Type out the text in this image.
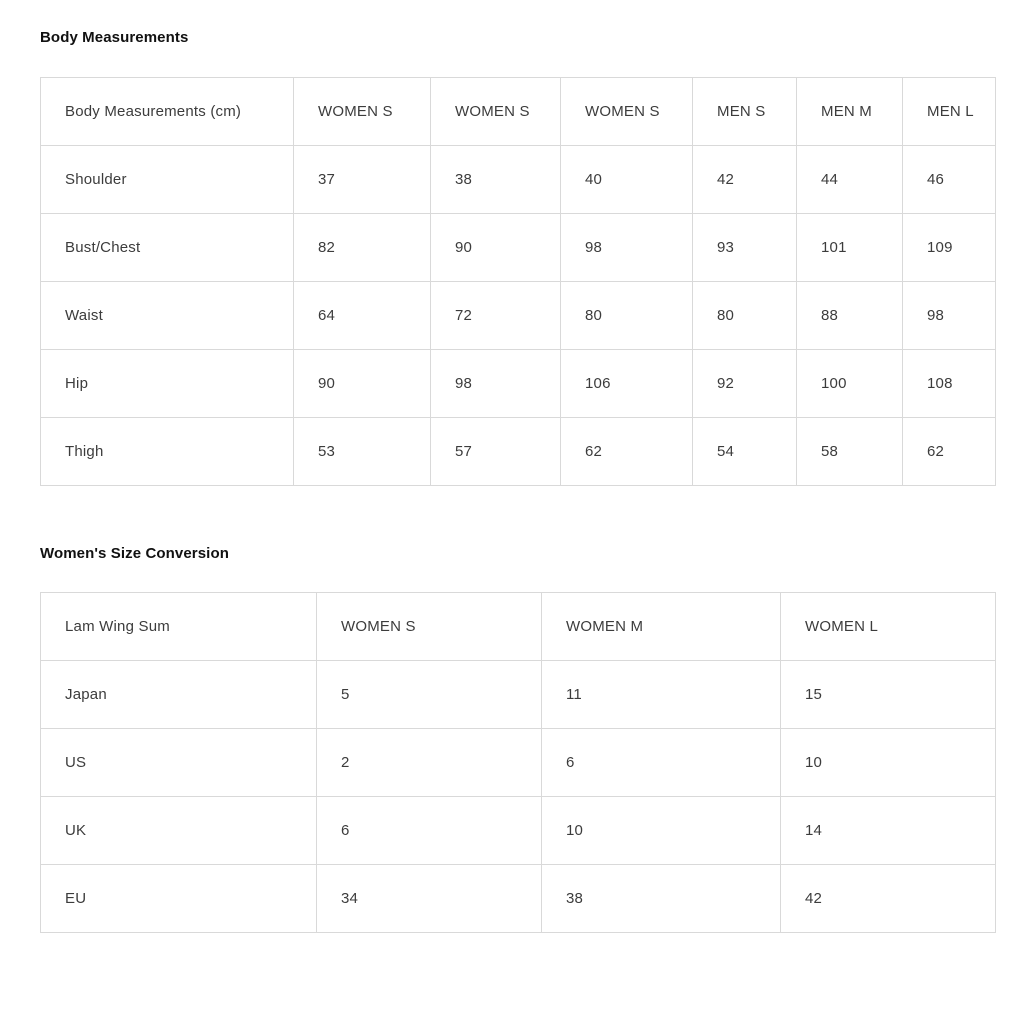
Body Measurements
Body Measurements (cm)	WOMEN S	WOMEN S	WOMEN S	MEN S	MEN M	MEN L
Shoulder	37	38	40	42	44	46
Bust/Chest	82	90	98	93	101	109
Waist	64	72	80	80	88	98
Hip	90	98	106	92	100	108
Thigh	53	57	62	54	58	62
Women's Size Conversion
Lam Wing Sum	WOMEN S	WOMEN M	WOMEN L
Japan	5	11	15
US	2	6	10
UK	6	10	14
EU	34	38	42
